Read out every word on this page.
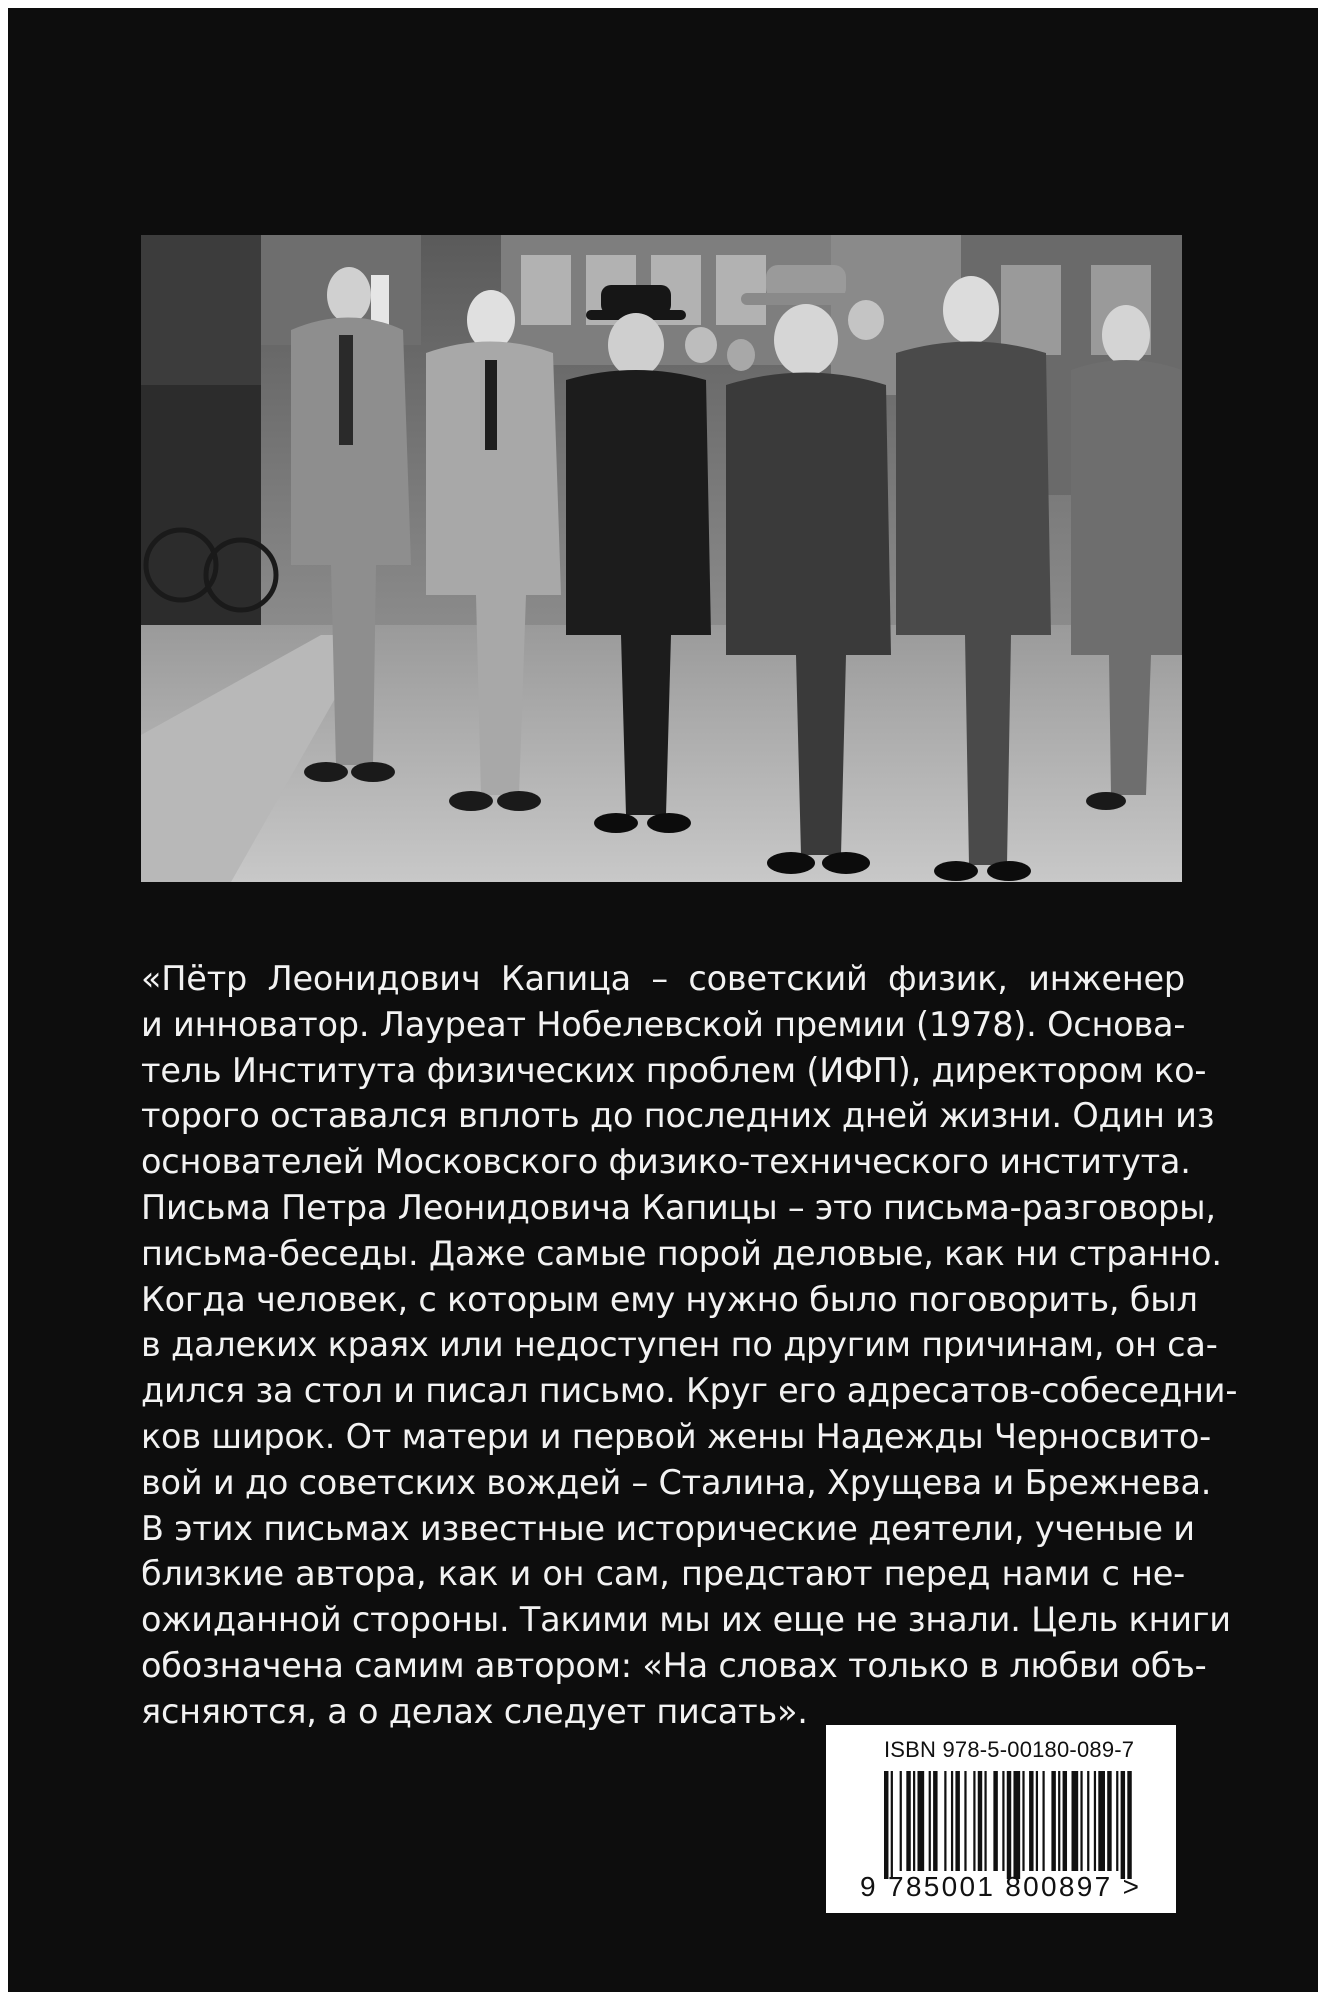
«Пётр Леонидович Капица – советский физик, инженер
и инноватор. Лауреат Нобелевской премии (1978). Основа-
тель Института физических проблем (ИФП), директором ко-
торого оставался вплоть до последних дней жизни. Один из
основателей Московского физико-технического института.
Письма Петра Леонидовича Капицы – это письма-разговоры,
письма-беседы. Даже самые порой деловые, как ни странно.
Когда человек, с которым ему нужно было поговорить, был
в далеких краях или недоступен по другим причинам, он са-
дился за стол и писал письмо. Круг его адресатов-собеседни-
ков широк. От матери и первой жены Надежды Черносвито-
вой и до советских вождей – Сталина, Хрущева и Брежнева.
В этих письмах известные исторические деятели, ученые и
близкие автора, как и он сам, предстают перед нами с не-
ожиданной стороны. Такими мы их еще не знали. Цель книги
обозначена самим автором: «На словах только в любви объ-
ясняются, а о делах следует писать».
ISBN 978-5-00180-089-7
9 785001 800897 >
